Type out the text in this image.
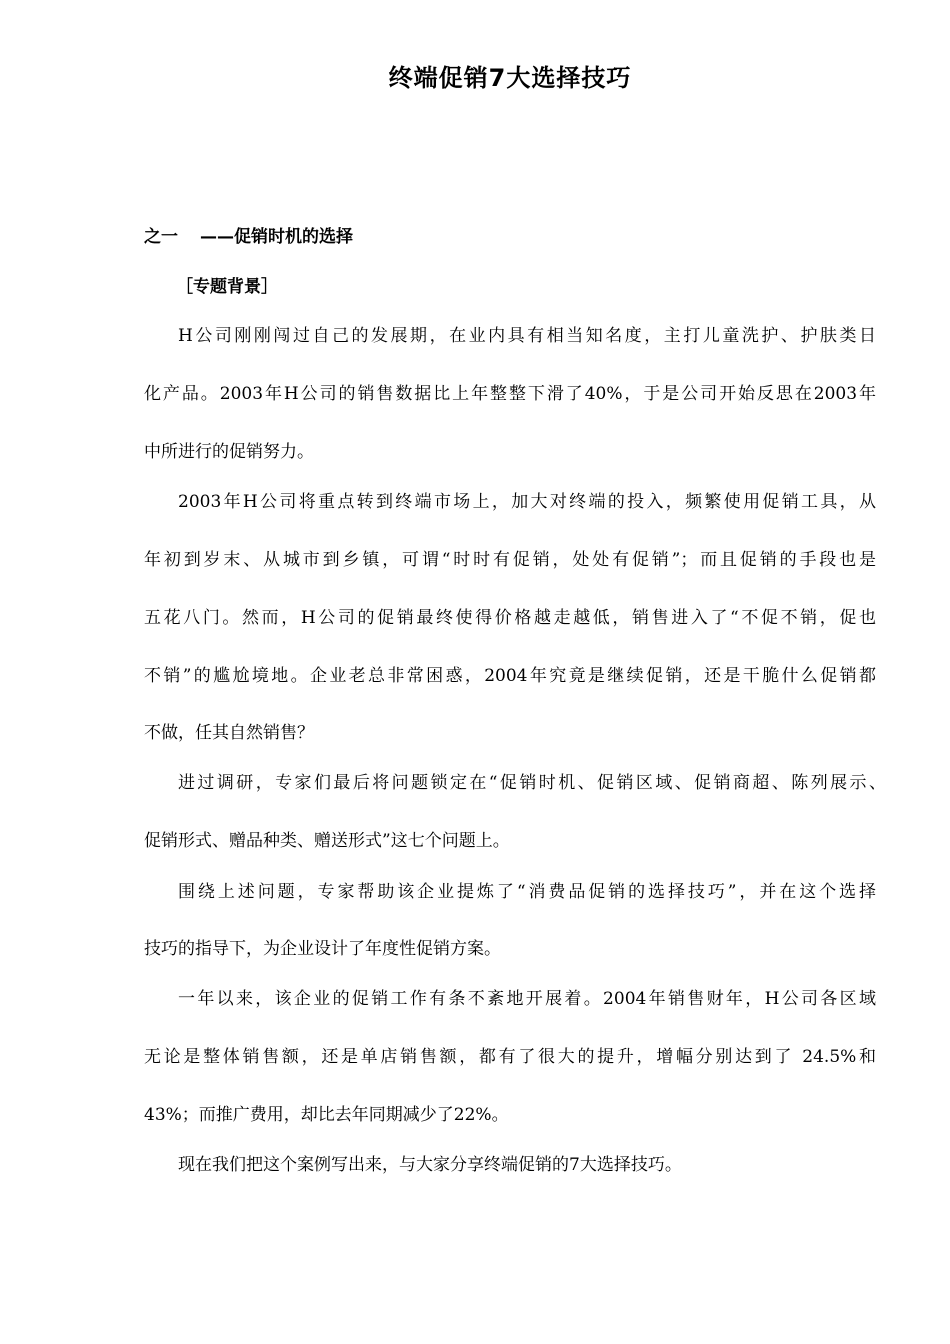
终端促销7大选择技巧
之一 ——促销时机的选择
［专题背景］
H公司刚刚闯过自己的发展期，在业内具有相当知名度，主打儿童洗护、护肤类日
化产品。2003年H公司的销售数据比上年整整下滑了40%，于是公司开始反思在2003年
中所进行的促销努力。
2003年H公司将重点转到终端市场上，加大对终端的投入，频繁使用促销工具，从
年初到岁末、从城市到乡镇，可谓“时时有促销，处处有促销”；而且促销的手段也是
五花八门。然而，H公司的促销最终使得价格越走越低，销售进入了“不促不销，促也
不销”的尴尬境地。企业老总非常困惑，2004年究竟是继续促销，还是干脆什么促销都
不做，任其自然销售？
进过调研，专家们最后将问题锁定在“促销时机、促销区域、促销商超、陈列展示、
促销形式、赠品种类、赠送形式”这七个问题上。
围绕上述问题，专家帮助该企业提炼了“消费品促销的选择技巧”，并在这个选择
技巧的指导下，为企业设计了年度性促销方案。
一年以来，该企业的促销工作有条不紊地开展着。2004年销售财年，H公司各区域
无论是整体销售额，还是单店销售额，都有了很大的提升，增幅分别达到了 24.5%和
43%；而推广费用，却比去年同期减少了22%。
现在我们把这个案例写出来，与大家分享终端促销的7大选择技巧。
